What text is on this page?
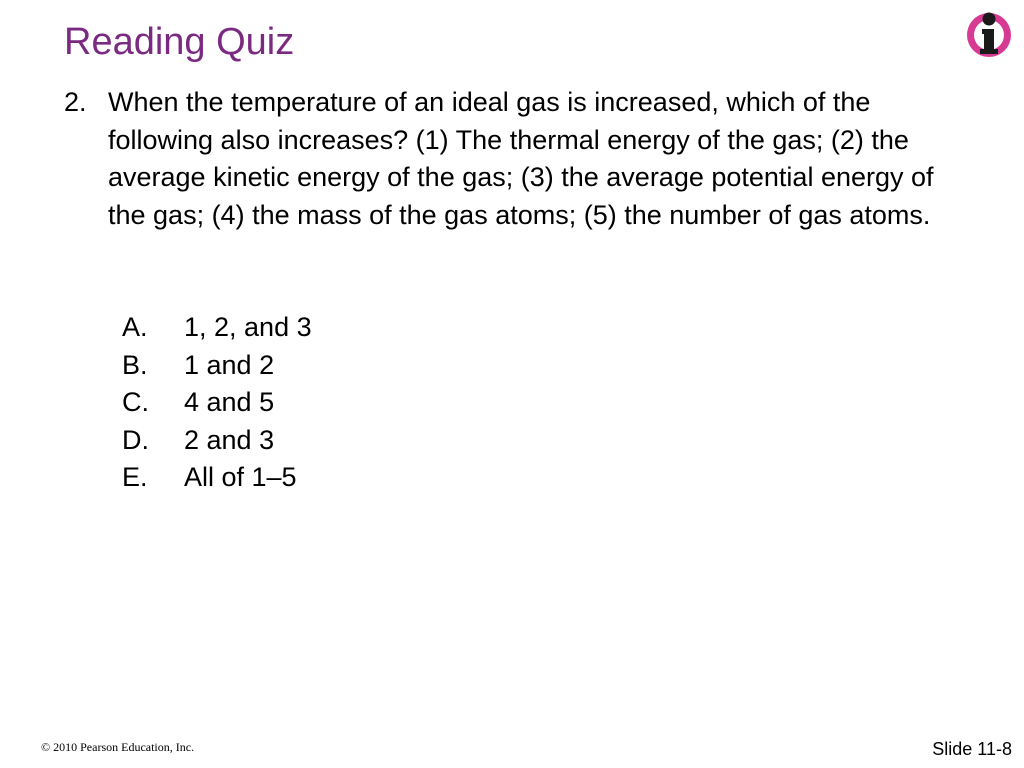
Reading Quiz
2. When the temperature of an ideal gas is increased, which of the following also increases? (1) The thermal energy of the gas; (2) the average kinetic energy of the gas; (3) the average potential energy of the gas; (4) the mass of the gas atoms; (5) the number of gas atoms.
A.	1, 2, and 3
B.	1 and 2
C.	4 and 5
D.	2 and 3
E.	All of 1–5
© 2010 Pearson Education, Inc.	Slide 11-8
